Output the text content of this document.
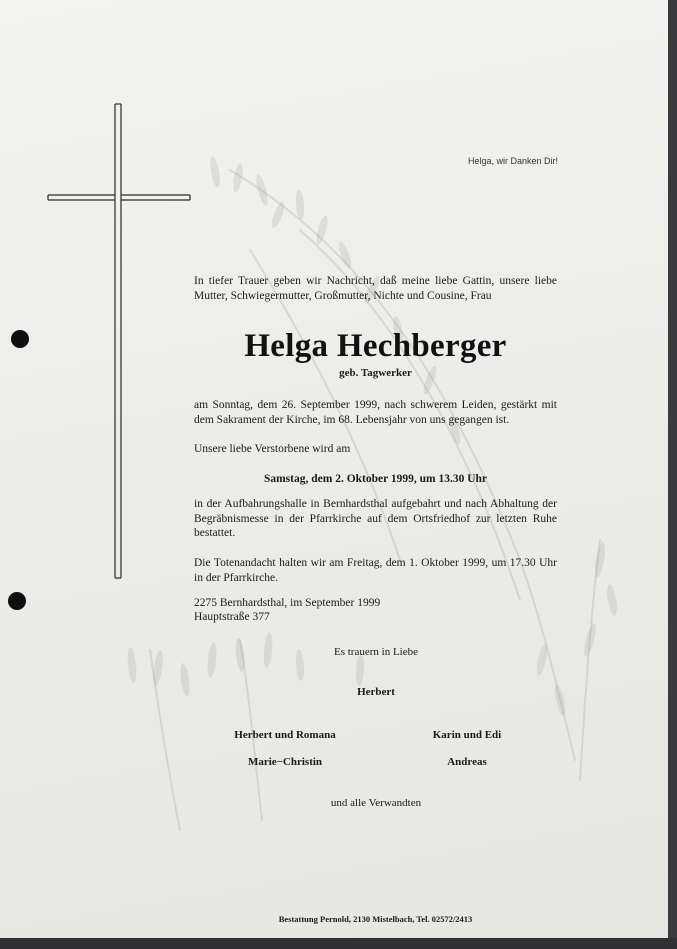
Helga, wir Danken Dir!

In tiefer Trauer geben wir Nachricht, daß meine liebe Gattin, unsere liebe Mutter, Schwiegermutter, Großmutter, Nichte und Cousine, Frau

Helga Hechberger

geb. Tagwerker

am Sonntag, dem 26. September 1999, nach schwerem Leiden, gestärkt mit dem Sakrament der Kirche, im 68. Lebensjahr von uns gegangen ist.

Unsere liebe Verstorbene wird am

Samstag, dem 2. Oktober 1999, um 13.30 Uhr

in der Aufbahrungshalle in Bernhardsthal aufgebahrt und nach Abhaltung der Begräbnismesse in der Pfarrkirche auf dem Ortsfriedhof zur letzten Ruhe bestattet.

Die Totenandacht halten wir am Freitag, dem 1. Oktober 1999, um 17.30 Uhr in der Pfarrkirche.

2275 Bernhardsthal, im September 1999

Hauptstraße 377

Es trauern in Liebe

Herbert

Herbert und Romana

Marie−Christin

Karin und Edi

Andreas

und alle Verwandten

Bestattung Pernold, 2130 Mistelbach, Tel. 02572/2413
